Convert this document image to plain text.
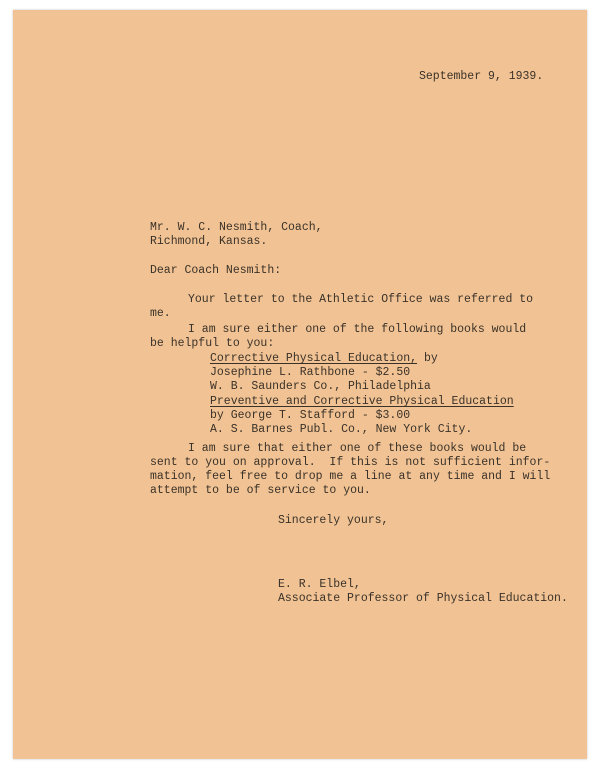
September 9, 1939.

Mr. W. C. Nesmith, Coach,

Richmond, Kansas.

Dear Coach Nesmith:

Your letter to the Athletic Office was referred to

me.

I am sure either one of the following books would

be helpful to you:

Corrective Physical Education, by

Josephine L. Rathbone - $2.50

W. B. Saunders Co., Philadelphia

Preventive and Corrective Physical Education

by George T. Stafford - $3.00

A. S. Barnes Publ. Co., New York City.

I am sure that either one of these books would be

sent to you on approval.  If this is not sufficient infor-

mation, feel free to drop me a line at any time and I will

attempt to be of service to you.

Sincerely yours,

E. R. Elbel,

Associate Professor of Physical Education.
